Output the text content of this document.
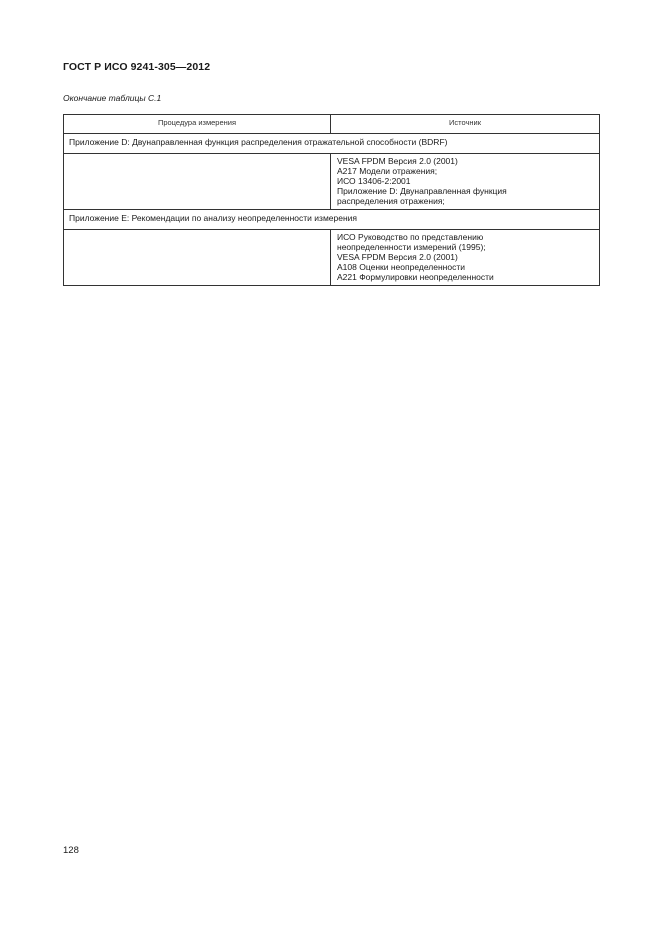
ГОСТ Р ИСО 9241-305—2012
Окончание таблицы С.1
Процедура измерения	Источник
Приложение D: Двунаправленная функция распределения отражательной способности (BDRF)	

	VESA FPDM Версия 2.0 (2001)
А217 Модели отражения;
ИСО 13406-2:2001
Приложение D: Двунаправленная функция
распределения отражения;

Приложение Е: Рекомендации по анализу неопределенности измерения	

	ИСО Руководство по представлению
неопределенности измерений (1995);
VESA FPDM Версия 2.0 (2001)
А108 Оценки неопределенности
А221 Формулировки неопределенности
128
